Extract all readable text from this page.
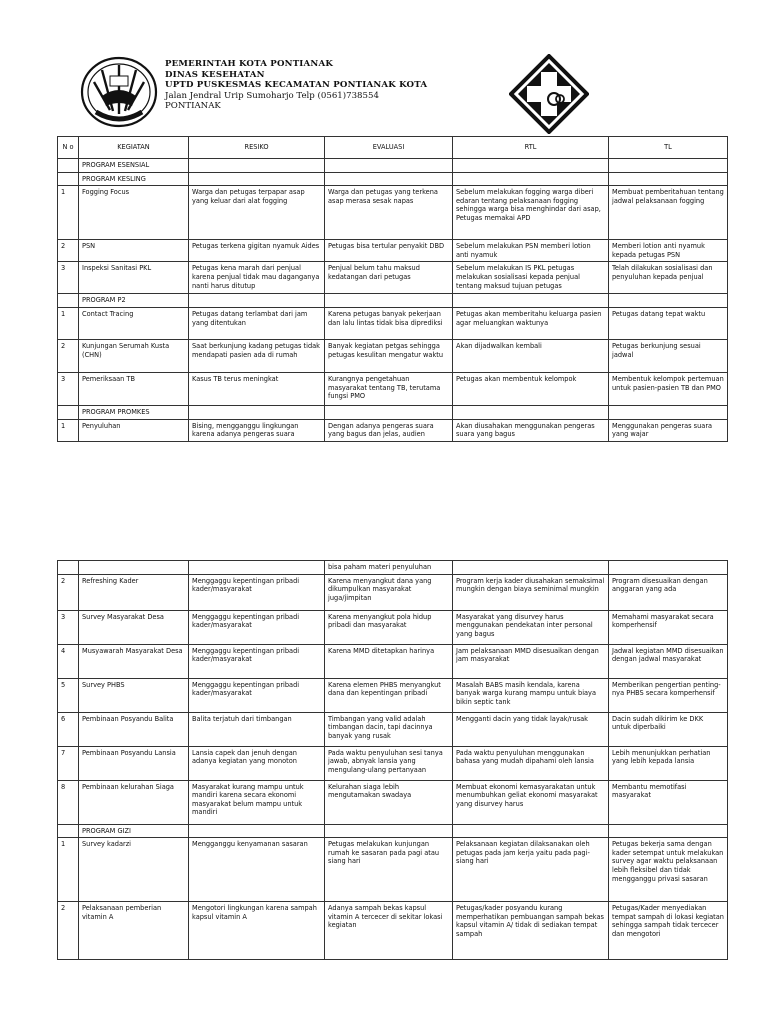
PEMERINTAH KOTA PONTIANAK
DINAS KESEHATAN
UPTD PUSKESMAS KECAMATAN PONTIANAK KOTA
Jalan Jendral Urip Sumoharjo Telp (0561)738554
PONTIANAK
N o	KEGIATAN	RESIKO	EVALUASI	RTL	TL
	PROGRAM ESENSIAL				
	PROGRAM KESLING				
1	Fogging Focus	Warga dan petugas terpapar asap yang keluar dari alat fogging	Warga dan petugas yang terkena asap merasa sesak napas	Sebelum melakukan fogging warga diberi edaran tentang pelaksanaan fogging sehingga warga bisa menghindar dari asap, Petugas memakai APD	Membuat pemberitahuan tentang jadwal pelaksanaan fogging
2	PSN	Petugas terkena gigitan nyamuk Aides	Petugas bisa tertular penyakit DBD	Sebelum melakukan PSN memberi lotion anti nyamuk	Memberi lotion anti nyamuk kepada petugas PSN
3	Inspeksi Sanitasi PKL	Petugas kena marah dari penjual karena penjual tidak mau daganganya nanti harus ditutup	Penjual belum tahu maksud kedatangan dari petugas	Sebelum melakukan IS PKL petugas melakukan sosialisasi kepada penjual tentang maksud tujuan petugas	Telah dilakukan sosialisasi dan penyuluhan kepada penjual
	PROGRAM P2				
1	Contact Tracing	Petugas datang terlambat dari jam yang ditentukan	Karena petugas banyak pekerjaan dan lalu lintas tidak bisa diprediksi	Petugas akan memberitahu keluarga pasien agar meluangkan waktunya	Petugas datang tepat waktu
2	Kunjungan Serumah Kusta (CHN)	Saat berkunjung kadang petugas tidak mendapati pasien ada di rumah	Banyak kegiatan petgas sehingga petugas kesulitan mengatur waktu	Akan dijadwalkan kembali	Petugas berkunjung sesuai jadwal
3	Pemeriksaan TB	Kasus TB terus meningkat	Kurangnya pengetahuan masyarakat tentang TB, terutama fungsi PMO	Petugas akan membentuk kelompok	Membentuk kelompok pertemuan untuk pasien-pasien TB dan PMO
	PROGRAM PROMKES				
1	Penyuluhan	Bising, mengganggu lingkungan karena adanya pengeras suara	Dengan adanya pengeras suara yang bagus dan jelas, audien	Akan diusahakan menggunakan pengeras suara yang bagus	Menggunakan pengeras suara yang wajar
			bisa paham materi penyuluhan		
2	Refreshing Kader	Menggaggu kepentingan pribadi kader/masyarakat	Karena menyangkut dana yang dikumpulkan masyarakat juga/jimpitan	Program kerja kader diusahakan semaksimal mungkin dengan biaya seminimal mungkin	Program disesuaikan dengan anggaran yang ada
3	Survey Masyarakat Desa	Menggaggu kepentingan pribadi kader/masyarakat	Karena menyangkut pola hidup pribadi dan masyarakat	Masyarakat yang disurvey harus menggunakan pendekatan inter personal yang bagus	Memahami masyarakat secara komperhensif
4	Musyawarah Masyarakat Desa	Menggaggu kepentingan pribadi kader/masyarakat	Karena MMD ditetapkan harinya	Jam pelaksanaan MMD disesuaikan dengan jam masyarakat	Jadwal kegiatan MMD disesuaikan dengan jadwal masyarakat
5	Survey PHBS	Menggaggu kepentingan pribadi kader/masyarakat	Karena elemen PHBS menyangkut dana dan kepentingan pribadi	Masalah BABS masih kendala, karena banyak warga kurang mampu untuk biaya bikin septic tank	Memberikan pengertian penting-nya PHBS secara komperhensif
6	Pembinaan Posyandu Balita	Balita terjatuh dari timbangan	Timbangan yang valid adalah timbangan dacin, tapi dacinnya banyak yang rusak	Mengganti dacin yang tidak layak/rusak	Dacin sudah dikirim ke DKK untuk diperbaiki
7	Pembinaan Posyandu Lansia	Lansia capek dan jenuh dengan adanya kegiatan yang monoton	Pada waktu penyuluhan sesi tanya jawab, abnyak lansia yang mengulang-ulang pertanyaan	Pada waktu penyuluhan menggunakan bahasa yang mudah dipahami oleh lansia	Lebih menunjukkan perhatian yang lebih kepada lansia
8	Pembinaan kelurahan Siaga	Masyarakat kurang mampu untuk mandiri karena secara ekonomi masyarakat belum mampu untuk mandiri	Kelurahan siaga lebih mengutamakan swadaya	Membuat ekonomi kemasyarakatan untuk menumbuhkan geliat ekonomi masyarakat yang disurvey harus	Membantu memotifasi masyarakat
	PROGRAM GIZI				
1	Survey kadarzi	Mengganggu kenyamanan sasaran	Petugas melakukan kunjungan rumah ke sasaran pada pagi atau siang hari	Pelaksanaan kegiatan dilaksanakan oleh petugas pada jam kerja yaitu pada pagi-siang hari	Petugas bekerja sama dengan kader setempat untuk melakukan survey agar waktu pelaksanaan lebih fleksibel dan tidak mengganggu privasi sasaran
2	Pelaksanaan pemberian vitamin A	Mengotori lingkungan karena sampah kapsul vitamin A	Adanya sampah bekas kapsul vitamin A tercecer di sekitar lokasi kegiatan	Petugas/kader posyandu kurang memperhatikan pembuangan sampah bekas kapsul vitamin A/ tidak di sediakan tempat sampah	Petugas/Kader menyediakan tempat sampah di lokasi kegiatan sehingga sampah tidak tercecer dan mengotori
